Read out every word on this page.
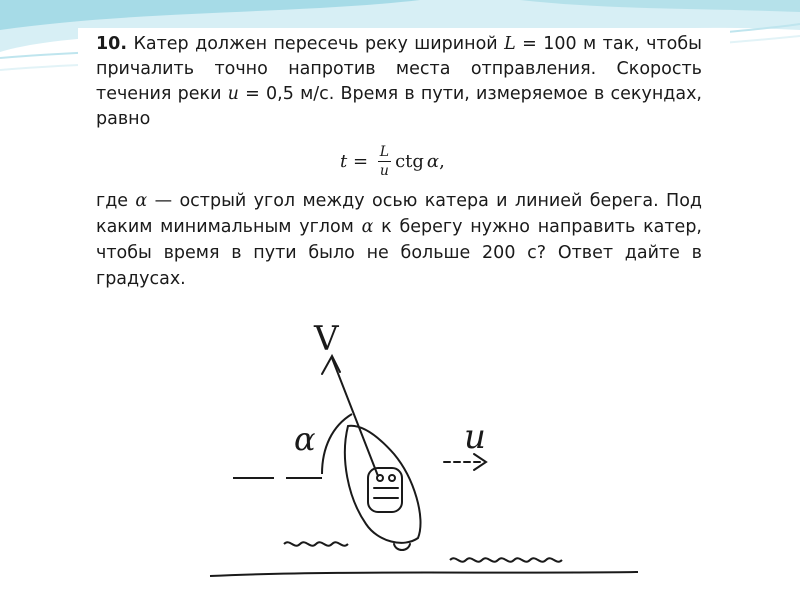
10. Катер должен пересечь реку шириной L = 100 м так, чтобы причалить точно напротив места отправления. Скорость течения реки u = 0,5 м/с. Время в пути, измеряемое в секундах, равно

$t = \frac{L}{u}$ ctg α ,

где α — острый угол между осью катера и линией берега. Под каким минимальным углом α к берегу нужно направить катер, чтобы время в пути было не больше 200 с? Ответ дайте в градусах.

V
α	u
